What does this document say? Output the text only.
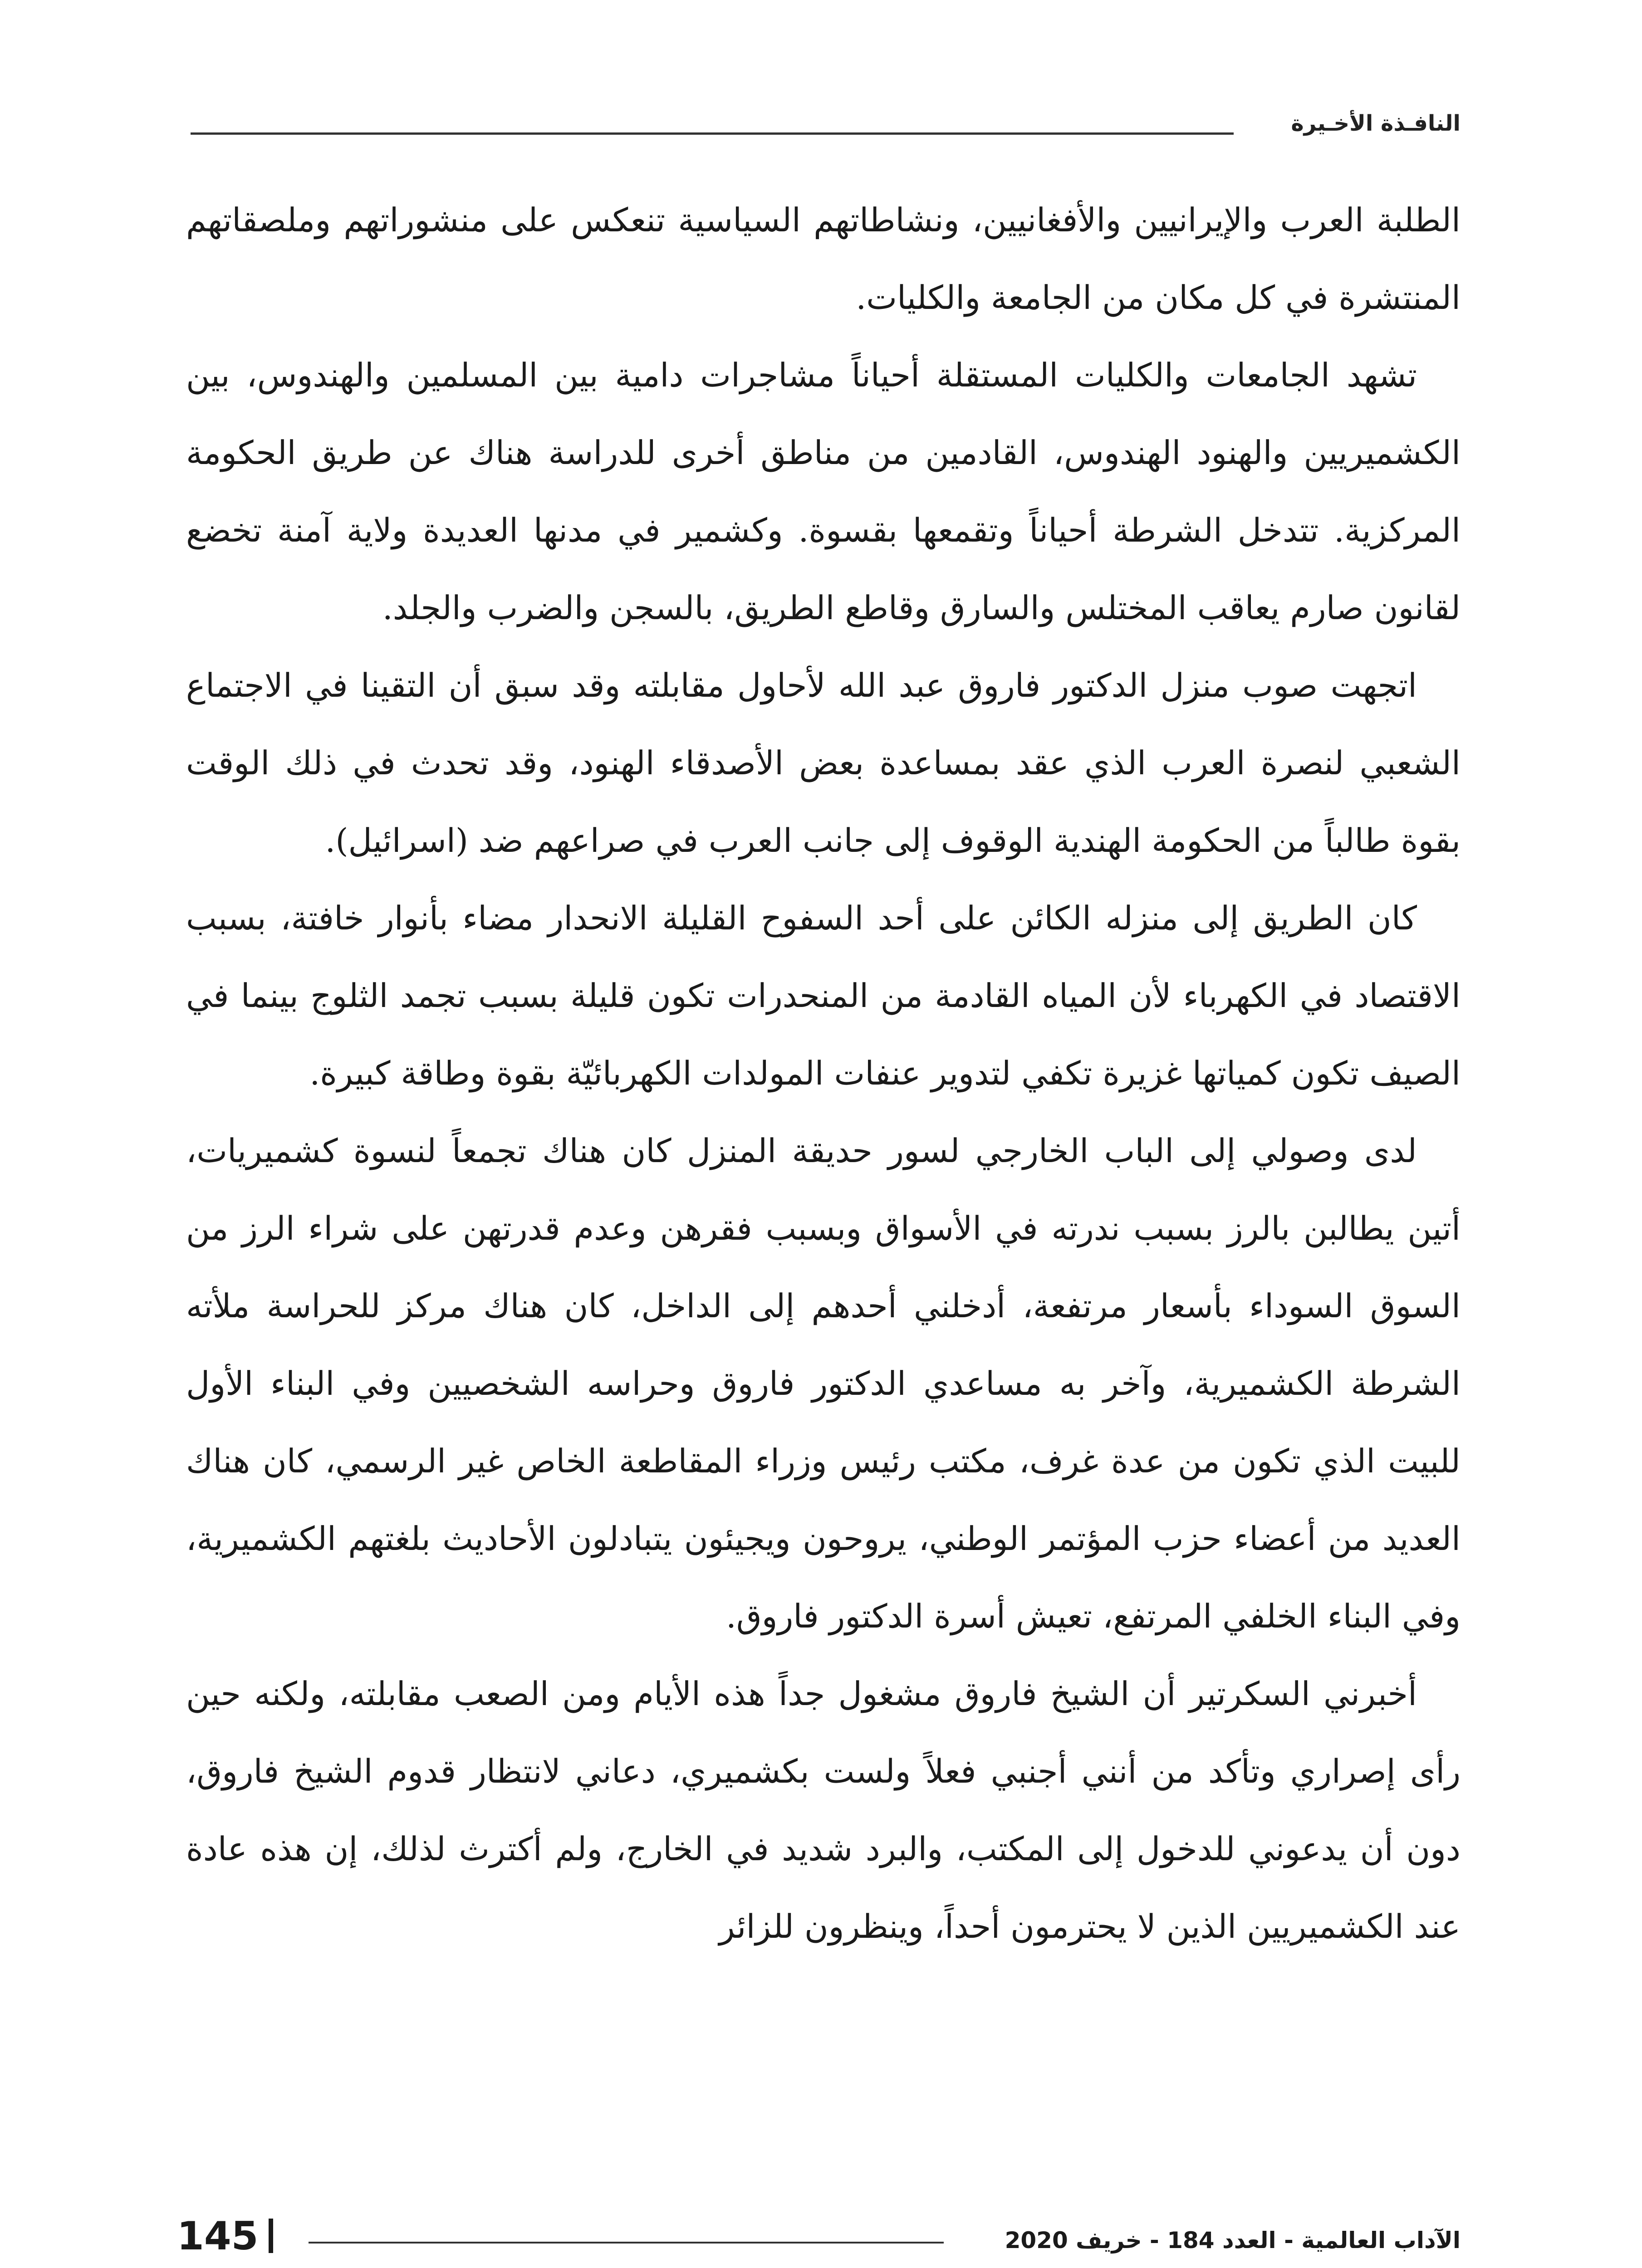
النافـذة الأخـيرة

الطلبة العرب والإيرانيين والأفغانيين، ونشاطاتهم السياسية تنعكس على منشوراتهم وملصقاتهم المنتشرة في كل مكان من الجامعة والكليات.

تشهد الجامعات والكليات المستقلة أحياناً مشاجرات دامية بين المسلمين والهندوس، بين الكشميريين والهنود الهندوس، القادمين من مناطق أخرى للدراسة هناك عن طريق الحكومة المركزية. تتدخل الشرطة أحياناً وتقمعها بقسوة. وكشمير في مدنها العديدة ولاية آمنة تخضع لقانون صارم يعاقب المختلس والسارق وقاطع الطريق، بالسجن والضرب والجلد.

اتجهت صوب منزل الدكتور فاروق عبد الله لأحاول مقابلته وقد سبق أن التقينا في الاجتماع الشعبي لنصرة العرب الذي عقد بمساعدة بعض الأصدقاء الهنود، وقد تحدث في ذلك الوقت بقوة طالباً من الحكومة الهندية الوقوف إلى جانب العرب في صراعهم ضد (اسرائيل).

كان الطريق إلى منزله الكائن على أحد السفوح القليلة الانحدار مضاء بأنوار خافتة، بسبب الاقتصاد في الكهرباء لأن المياه القادمة من المنحدرات تكون قليلة بسبب تجمد الثلوج بينما في الصيف تكون كمياتها غزيرة تكفي لتدوير عنفات المولدات الكهربائيّة بقوة وطاقة كبيرة.

لدى وصولي إلى الباب الخارجي لسور حديقة المنزل كان هناك تجمعاً لنسوة كشميريات، أتين يطالبن بالرز بسبب ندرته في الأسواق وبسبب فقرهن وعدم قدرتهن على شراء الرز من السوق السوداء بأسعار مرتفعة، أدخلني أحدهم إلى الداخل، كان هناك مركز للحراسة ملأته الشرطة الكشميرية، وآخر به مساعدي الدكتور فاروق وحراسه الشخصيين وفي البناء الأول للبيت الذي تكون من عدة غرف، مكتب رئيس وزراء المقاطعة الخاص غير الرسمي، كان هناك العديد من أعضاء حزب المؤتمر الوطني، يروحون ويجيئون يتبادلون الأحاديث بلغتهم الكشميرية، وفي البناء الخلفي المرتفع، تعيش أسرة الدكتور فاروق.

أخبرني السكرتير أن الشيخ فاروق مشغول جداً هذه الأيام ومن الصعب مقابلته، ولكنه حين رأى إصراري وتأكد من أنني أجنبي فعلاً ولست بكشميري، دعاني لانتظار قدوم الشيخ فاروق، دون أن يدعوني للدخول إلى المكتب، والبرد شديد في الخارج، ولم أكترث لذلك، إن هذه عادة عند الكشميريين الذين لا يحترمون أحداً، وينظرون للزائر

145	الآداب العالمية - العدد 184 - خريف 2020
